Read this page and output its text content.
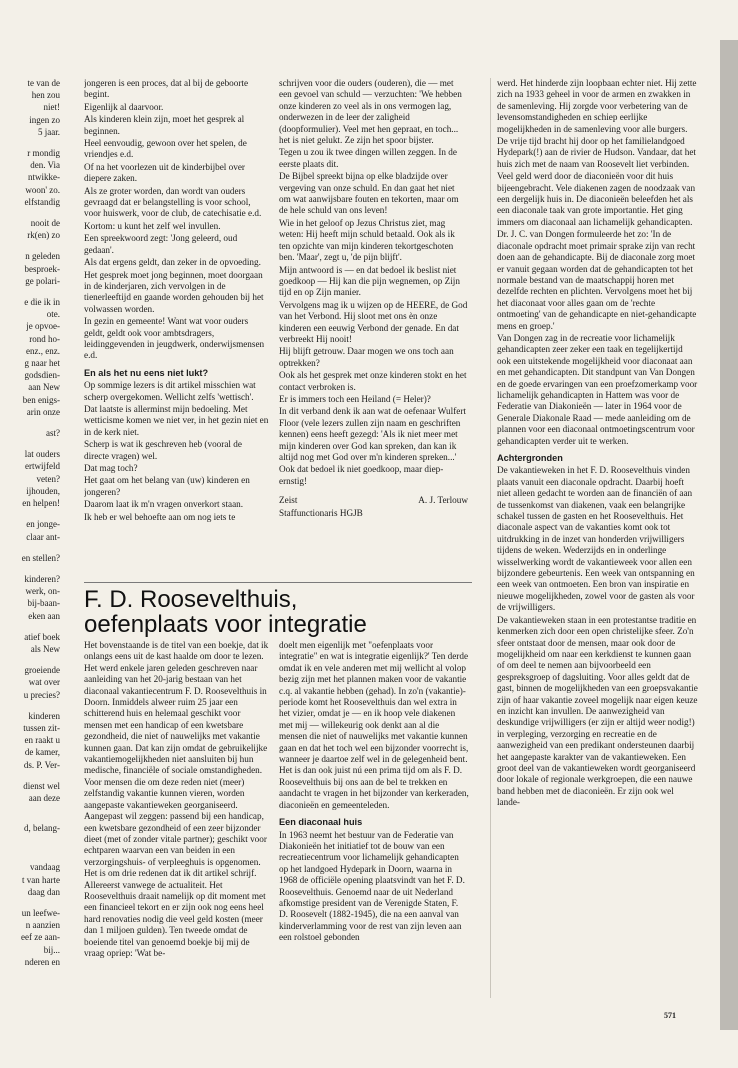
te van de

hen zou

niet!

ingen zo

5 jaar.

r mondig

den. Via

ntwikke-

woon' zo.

elfstandig

nooit de

rk(en) zo

n geleden

besproek-

ge polari-

e die ik in

ote.

je opvoe-

rond ho-

enz., enz.

g naar het

godsdien-

aan New

ben enigs-

arin onze

ast?

lat ouders

ertwijfeld

veten?

ijhouden,

en helpen!

en jonge-

claar ant-

en stellen?

kinderen?

werk, on-

bij-baan-

eken aan

atief boek

als New

groeiende

wat over

u precies?

kinderen

tussen zit-

en raakt u

de kamer,

ds. P. Ver-

dienst wel

aan deze

d, belang-

vandaag

t van harte

daag dan

un leefwe-

n aanzien

eef ze aan-

bij...

nderen en

jongeren is een proces, dat al bij de geboorte begint.

Eigenlijk al daarvoor.

Als kinderen klein zijn, moet het gesprek al beginnen.

Heel eenvoudig, gewoon over het spelen, de vriendjes e.d.

Of na het voorlezen uit de kinderbijbel over diepere zaken.

Als ze groter worden, dan wordt van ouders gevraagd dat er belangstelling is voor school, voor huiswerk, voor de club, de catechisatie e.d.

Kortom: u kunt het zelf wel invullen.

Een spreekwoord zegt: 'Jong geleerd, oud gedaan'.

Als dat ergens geldt, dan zeker in de opvoeding.

Het gesprek moet jong beginnen, moet doorgaan in de kinderjaren, zich vervolgen in de tienerleeftijd en gaande worden gehouden bij het volwassen worden.

In gezin en gemeente! Want wat voor ouders geldt, geldt ook voor ambtsdragers, leidinggevenden in jeugdwerk, onderwijsmensen e.d.

En als het nu eens niet lukt?

Op sommige lezers is dit artikel misschien wat scherp overgekomen. Wellicht zelfs 'wettisch'.

Dat laatste is allerminst mijn bedoeling. Met wetticisme komen we niet ver, in het gezin niet en in de kerk niet.

Scherp is wat ik geschreven heb (vooral de directe vragen) wel.

Dat mag toch?

Het gaat om het belang van (uw) kinderen en jongeren?

Daarom laat ik m'n vragen onverkort staan.

Ik heb er wel behoefte aan om nog iets te

schrijven voor die ouders (ouderen), die — met een gevoel van schuld — verzuchten: 'We hebben onze kinderen zo veel als in ons vermogen lag, onderwezen in de leer der zaligheid (doopformulier). Veel met hen gepraat, en toch... het is niet gelukt. Ze zijn het spoor bijster.

Tegen u zou ik twee dingen willen zeggen. In de eerste plaats dit.

De Bijbel spreekt bijna op elke bladzijde over vergeving van onze schuld. En dan gaat het niet om wat aanwijsbare fouten en tekorten, maar om de hele schuld van ons leven!

Wie in het geloof op Jezus Christus ziet, mag weten: Hij heeft mijn schuld betaald. Ook als ik ten opzichte van mijn kinderen tekortgeschoten ben. 'Maar', zegt u, 'de pijn blijft'.

Mijn antwoord is — en dat bedoel ik beslist niet goedkoop — Hij kan die pijn wegnemen, op Zijn tijd en op Zijn manier.

Vervolgens mag ik u wijzen op de HEERE, de God van het Verbond. Hij sloot met ons èn onze kinderen een eeuwig Verbond der genade. En dat verbreekt Hij nooit!

Hij blijft getrouw. Daar mogen we ons toch aan optrekken?

Ook als het gesprek met onze kinderen stokt en het contact verbroken is.

Er is immers toch een Heiland (= Heler)?

In dit verband denk ik aan wat de oefenaar Wulfert Floor (vele lezers zullen zijn naam en geschriften kennen) eens heeft gezegd: 'Als ik niet meer met mijn kinderen over God kan spreken, dan kan ik altijd nog met God over m'n kinderen spreken...'

Ook dat bedoel ik niet goedkoop, maar diep-ernstig!

Zeist	A. J. Terlouw

Staffunctionaris HGJB

F. D. Roosevelthuis,
oefenplaats voor integratie

Het bovenstaande is de titel van een boekje, dat ik onlangs eens uit de kast haalde om door te lezen. Het werd enkele jaren geleden geschreven naar aanleiding van het 20-jarig bestaan van het diaconaal vakantiecentrum F. D. Roosevelthuis in Doorn. Inmiddels alweer ruim 25 jaar een schitterend huis en helemaal geschikt voor mensen met een handicap of een kwetsbare gezondheid, die niet of nauwelijks met vakantie kunnen gaan. Dat kan zijn omdat de gebruikelijke vakantiemogelijkheden niet aansluiten bij hun medische, financiële of sociale omstandigheden. Voor mensen die om deze reden niet (meer) zelfstandig vakantie kunnen vieren, worden aangepaste vakantieweken georganiseerd. Aangepast wil zeggen: passend bij een handicap, een kwetsbare gezondheid of een zeer bijzonder dieet (met of zonder vitale partner); geschikt voor echtparen waarvan een van beiden in een verzorgingshuis- of verpleeghuis is opgenomen. Het is om drie redenen dat ik dit artikel schrijf. Allereerst vanwege de actualiteit. Het Roosevelthuis draait namelijk op dit moment met een financieel tekort en er zijn ook nog eens heel hard renovaties nodig die veel geld kosten (meer dan 1 miljoen gulden). Ten tweede omdat de boeiende titel van genoemd boekje bij mij de vraag opriep: 'Wat be-

doelt men eigenlijk met "oefenplaats voor integratie" en wat is integratie eigenlijk?' Ten derde omdat ik en vele anderen met mij wellicht al volop bezig zijn met het plannen maken voor de vakantie c.q. al vakantie hebben (gehad). In zo'n (vakantie)-periode komt het Roosevelthuis dan wel extra in het vizier, omdat je — en ik hoop vele diakenen met mij — willekeurig ook denkt aan al die mensen die niet of nauwelijks met vakantie kunnen gaan en dat het toch wel een bijzonder voorrecht is, wanneer je daartoe zelf wel in de gelegenheid bent. Het is dan ook juist nú een prima tijd om als F. D. Roosevelthuis bij ons aan de bel te trekken en aandacht te vragen in het bijzonder van kerkeraden, diaconieën en gemeenteleden.

Een diaconaal huis

In 1963 neemt het bestuur van de Federatie van Diakonieën het initiatief tot de bouw van een recreatiecentrum voor lichamelijk gehandicapten op het landgoed Hydepark in Doorn, waarna in 1968 de officiële opening plaatsvindt van het F. D. Roosevelthuis. Genoemd naar de uit Nederland afkomstige president van de Verenigde Staten, F. D. Roosevelt (1882-1945), die na een aanval van kinderverlamming voor de rest van zijn leven aan een rolstoel gebonden

werd. Het hinderde zijn loopbaan echter niet. Hij zette zich na 1933 geheel in voor de armen en zwakken in de samenleving. Hij zorgde voor verbetering van de levensomstandigheden en schiep eerlijke mogelijkheden in de samenleving voor alle burgers.

De vrije tijd bracht hij door op het familielandgoed Hydepark(!) aan de rivier de Hudson. Vandaar, dat het huis zich met de naam van Roosevelt liet verbinden.

Veel geld werd door de diaconieën voor dit huis bijeengebracht. Vele diakenen zagen de noodzaak van een dergelijk huis in. De diaconieën beleefden het als een diaconale taak van grote importantie. Het ging immers om diaconaal aan lichamelijk gehandicapten.

Dr. J. C. van Dongen formuleerde het zo: 'In de diaconale opdracht moet primair sprake zijn van recht doen aan de gehandicapte. Bij de diaconale zorg moet er vanuit gegaan worden dat de gehandicapten tot het normale bestand van de maatschappij horen met dezelfde rechten en plichten. Vervolgens moet het bij het diaconaat voor alles gaan om de 'rechte ontmoeting' van de gehandicapte en niet-gehandicapte mens en groep.'

Van Dongen zag in de recreatie voor lichamelijk gehandicapten zeer zeker een taak en tegelijkertijd ook een uitstekende mogelijkheid voor diaconaat aan en met gehandicapten. Dit standpunt van Van Dongen en de goede ervaringen van een proefzomerkamp voor lichamelijk gehandicapten in Hattem was voor de Federatie van Diakonieën — later in 1964 voor de Generale Diakonale Raad — mede aanleiding om de plannen voor een diaconaal ontmoetingscentrum voor gehandicapten verder uit te werken.

Achtergronden

De vakantieweken in het F. D. Roosevelthuis vinden plaats vanuit een diaconale opdracht. Daarbij hoeft niet alleen gedacht te worden aan de financiën of aan de tussenkomst van diakenen, vaak een belangrijke schakel tussen de gasten en het Roosevelthuis. Het diaconale aspect van de vakanties komt ook tot uitdrukking in de inzet van honderden vrijwilligers tijdens de weken. Wederzijds en in onderlinge wisselwerking wordt de vakantieweek voor allen een bijzondere gebeurtenis. Een week van ontspanning en een week van ontmoeten. Een bron van inspiratie en nieuwe mogelijkheden, zowel voor de gasten als voor de vrijwilligers.

De vakantieweken staan in een protestantse traditie en kenmerken zich door een open christelijke sfeer. Zo'n sfeer ontstaat door de mensen, maar ook door de mogelijkheid om naar een kerkdienst te kunnen gaan of om deel te nemen aan bijvoorbeeld een gespreksgroep of dagsluiting. Voor alles geldt dat de gast, binnen de mogelijkheden van een groepsvakantie zijn of haar vakantie zoveel mogelijk naar eigen keuze en inzicht kan invullen. De aanwezigheid van deskundige vrijwilligers (er zijn er altijd weer nodig!) in verpleging, verzorging en recreatie en de aanwezigheid van een predikant ondersteunen daarbij het aangepaste karakter van de vakantieweken. Een groot deel van de vakantieweken wordt georganiseerd door lokale of regionale werkgroepen, die een nauwe band hebben met de diaconieën. Er zijn ook wel lande-

571
